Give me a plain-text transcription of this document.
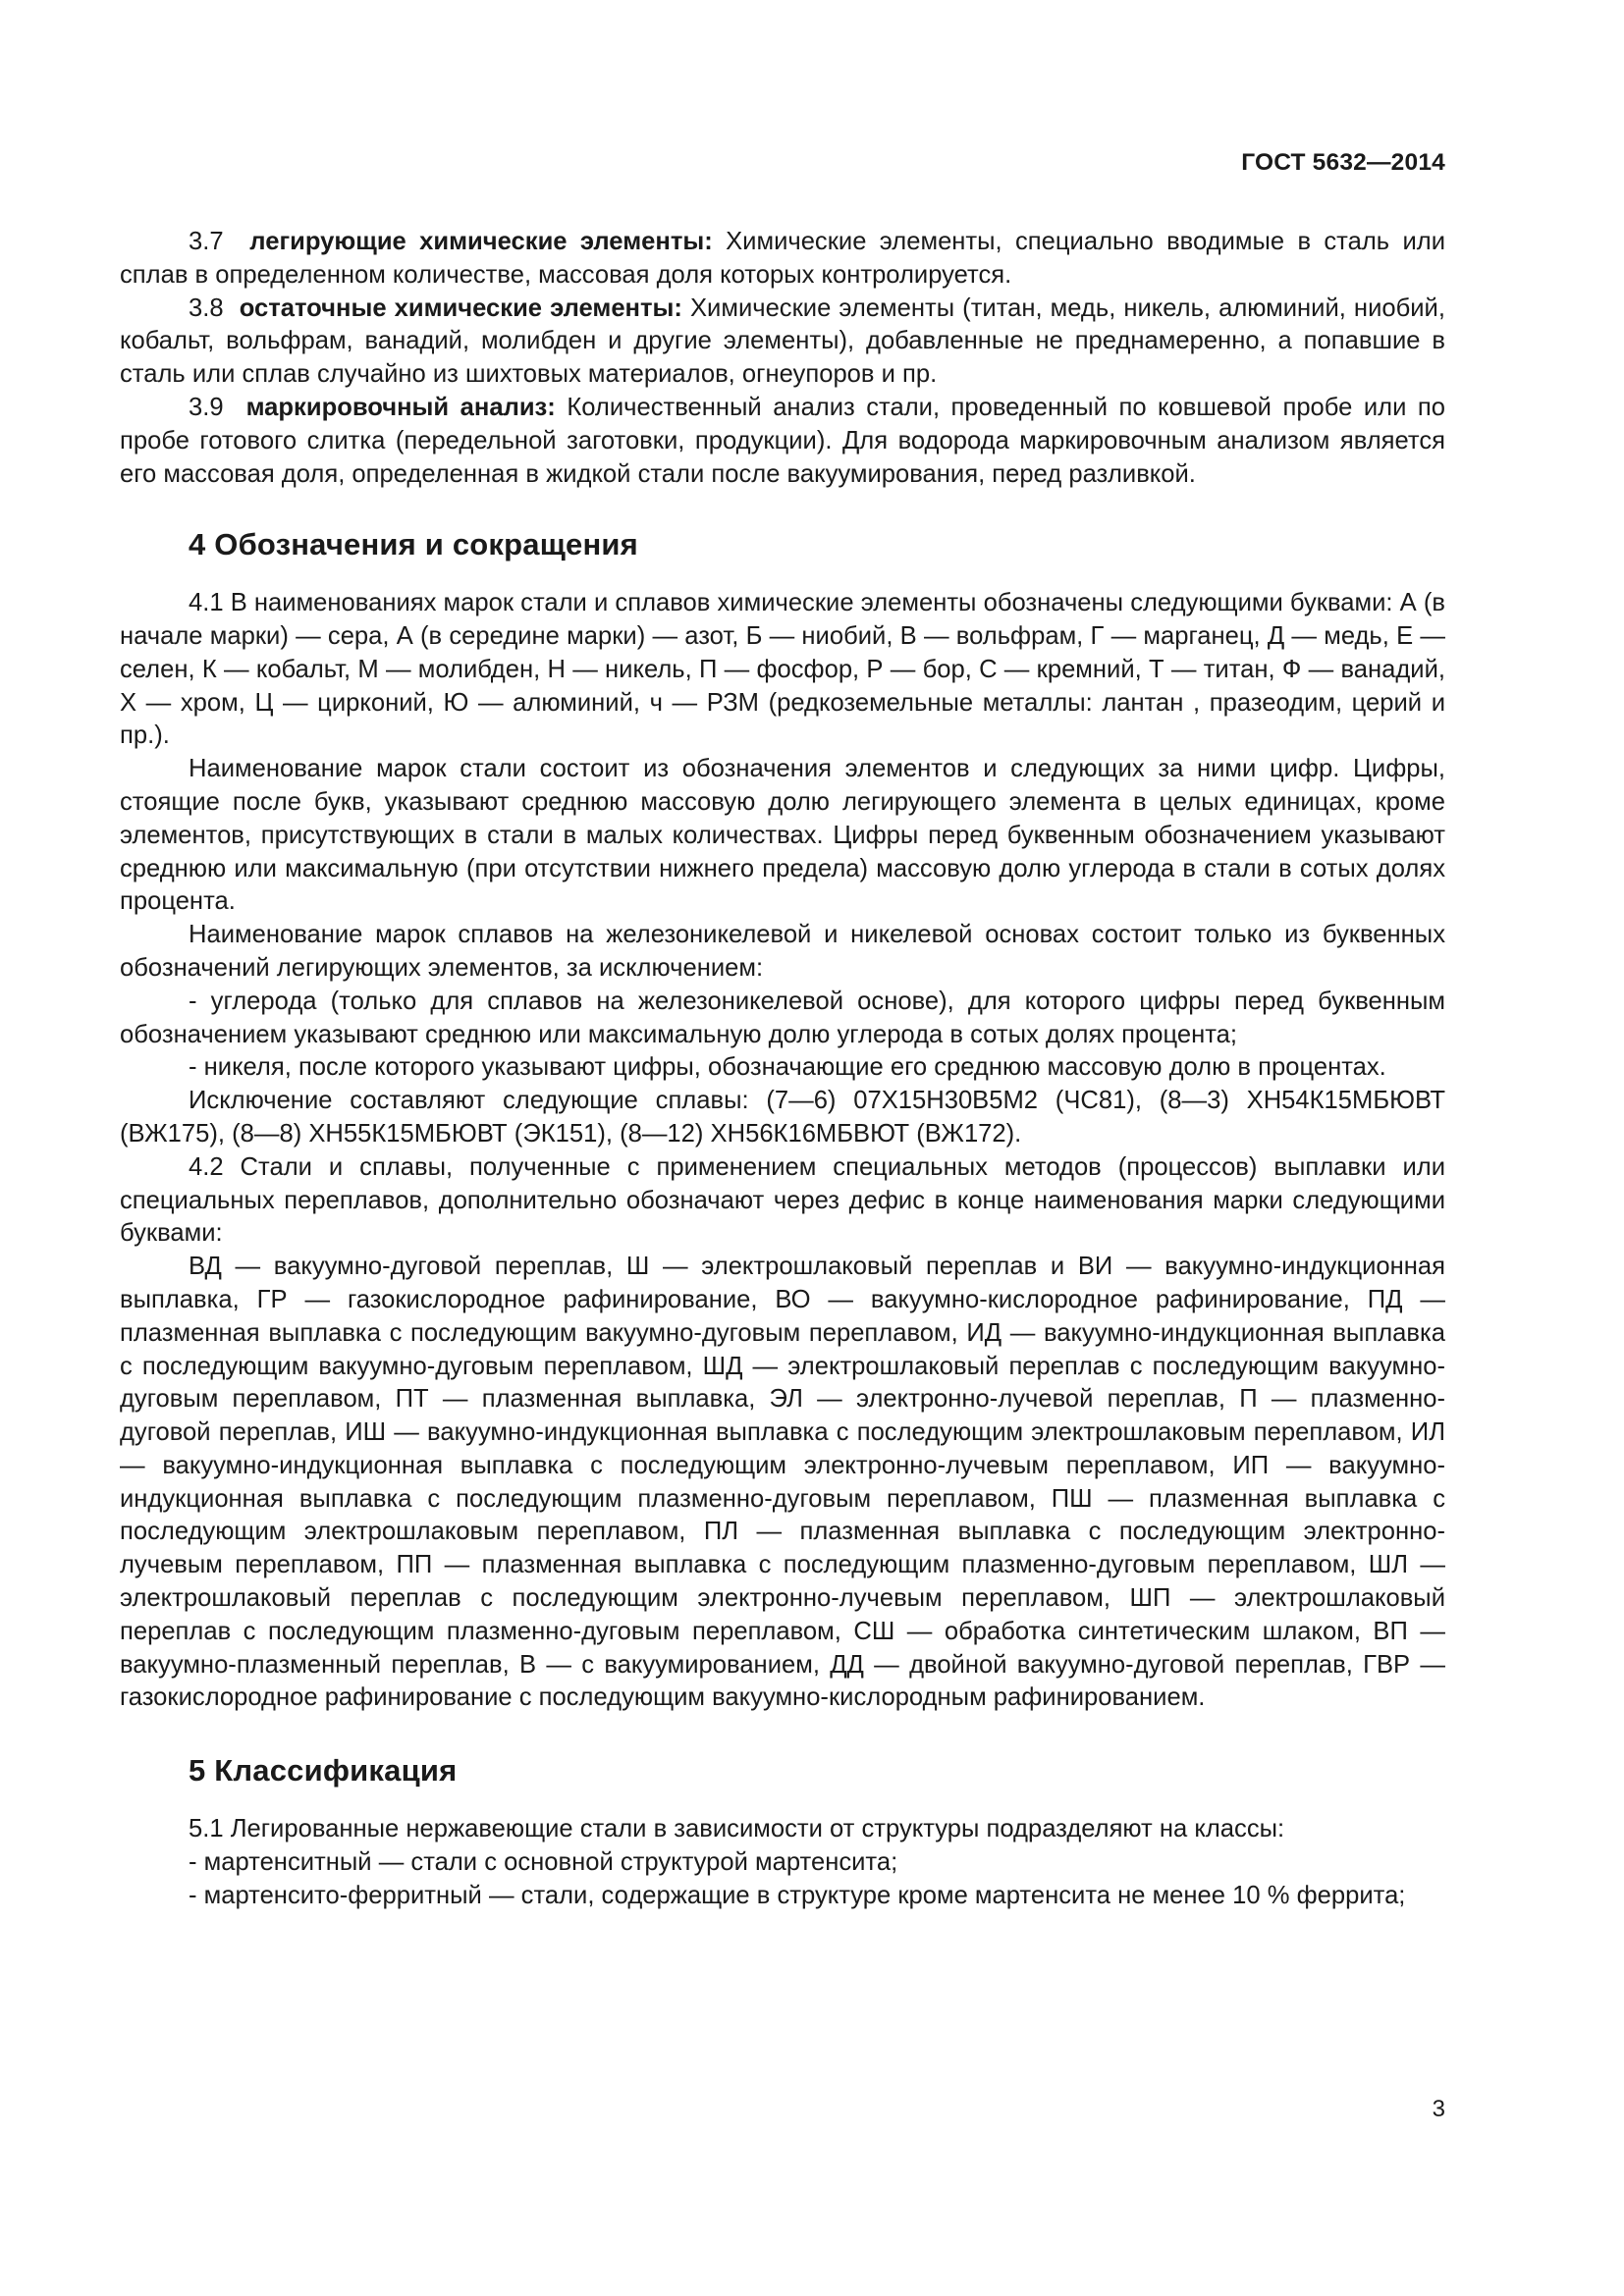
ГОСТ 5632—2014

3.7 легирующие химические элементы: Химические элементы, специально вводимые в сталь или сплав в определенном количестве, массовая доля которых контролируется.

3.8 остаточные химические элементы: Химические элементы (титан, медь, никель, алюминий, ниобий, кобальт, вольфрам, ванадий, молибден и другие элементы), добавленные не преднамеренно, а попавшие в сталь или сплав случайно из шихтовых материалов, огнеупоров и пр.

3.9 маркировочный анализ: Количественный анализ стали, проведенный по ковшевой пробе или по пробе готового слитка (передельной заготовки, продукции). Для водорода маркировочным анализом является его массовая доля, определенная в жидкой стали после вакуумирования, перед разливкой.

4 Обозначения и сокращения

4.1 В наименованиях марок стали и сплавов химические элементы обозначены следующими буквами: А (в начале марки) — сера, А (в середине марки) — азот, Б — ниобий, В — вольфрам, Г — марганец, Д — медь, Е — селен, К — кобальт, М — молибден, Н — никель, П — фосфор, Р — бор, С — кремний, Т — титан, Ф — ванадий, Х — хром, Ц — цирконий, Ю — алюминий, ч — РЗМ (редкоземельные металлы: лантан , празеодим, церий и пр.).

Наименование марок стали состоит из обозначения элементов и следующих за ними цифр. Цифры, стоящие после букв, указывают среднюю массовую долю легирующего элемента в целых единицах, кроме элементов, присутствующих в стали в малых количествах. Цифры перед буквенным обозначением указывают среднюю или максимальную (при отсутствии нижнего предела) массовую долю углерода в стали в сотых долях процента.

Наименование марок сплавов на железоникелевой и никелевой основах состоит только из буквенных обозначений легирующих элементов, за исключением:

- углерода (только для сплавов на железоникелевой основе), для которого цифры перед буквенным обозначением указывают среднюю или максимальную долю углерода в сотых долях процента;

- никеля, после которого указывают цифры, обозначающие его среднюю массовую долю в процентах.

Исключение составляют следующие сплавы: (7—6) 07Х15Н30В5М2 (ЧС81), (8—3) ХН54К15МБЮВТ (ВЖ175), (8—8) ХН55К15МБЮВТ (ЭК151), (8—12) ХН56К16МБВЮТ (ВЖ172).

4.2 Стали и сплавы, полученные с применением специальных методов (процессов) выплавки или специальных переплавов, дополнительно обозначают через дефис в конце наименования марки следующими буквами:

ВД — вакуумно-дуговой переплав, Ш — электрошлаковый переплав и ВИ — вакуумно-индукционная выплавка, ГР — газокислородное рафинирование, ВО — вакуумно-кислородное рафинирование, ПД — плазменная выплавка с последующим вакуумно-дуговым переплавом, ИД — вакуумно-индукционная выплавка с последующим вакуумно-дуговым переплавом, ШД — электрошлаковый переплав с последующим вакуумно-дуговым переплавом, ПТ — плазменная выплавка, ЭЛ — электронно-лучевой переплав, П — плазменно-дуговой переплав, ИШ — вакуумно-индукционная выплавка с последующим электрошлаковым переплавом, ИЛ — вакуумно-индукционная выплавка с последующим электронно-лучевым переплавом, ИП — вакуумно-индукционная выплавка с последующим плазменно-дуговым переплавом, ПШ — плазменная выплавка с последующим электрошлаковым переплавом, ПЛ — плазменная выплавка с последующим электронно-лучевым переплавом, ПП — плазменная выплавка с последующим плазменно-дуговым переплавом, ШЛ — электрошлаковый переплав с последующим электронно-лучевым переплавом, ШП — электрошлаковый переплав с последующим плазменно-дуговым переплавом, СШ — обработка синтетическим шлаком, ВП — вакуумно-плазменный переплав, В — с вакуумированием, ДД — двойной вакуумно-дуговой переплав, ГВР — газокислородное рафинирование с последующим вакуумно-кислородным рафинированием.

5 Классификация

5.1 Легированные нержавеющие стали в зависимости от структуры подразделяют на классы:

- мартенситный — стали с основной структурой мартенсита;

- мартенсито-ферритный — стали, содержащие в структуре кроме мартенсита не менее 10 % феррита;

3
